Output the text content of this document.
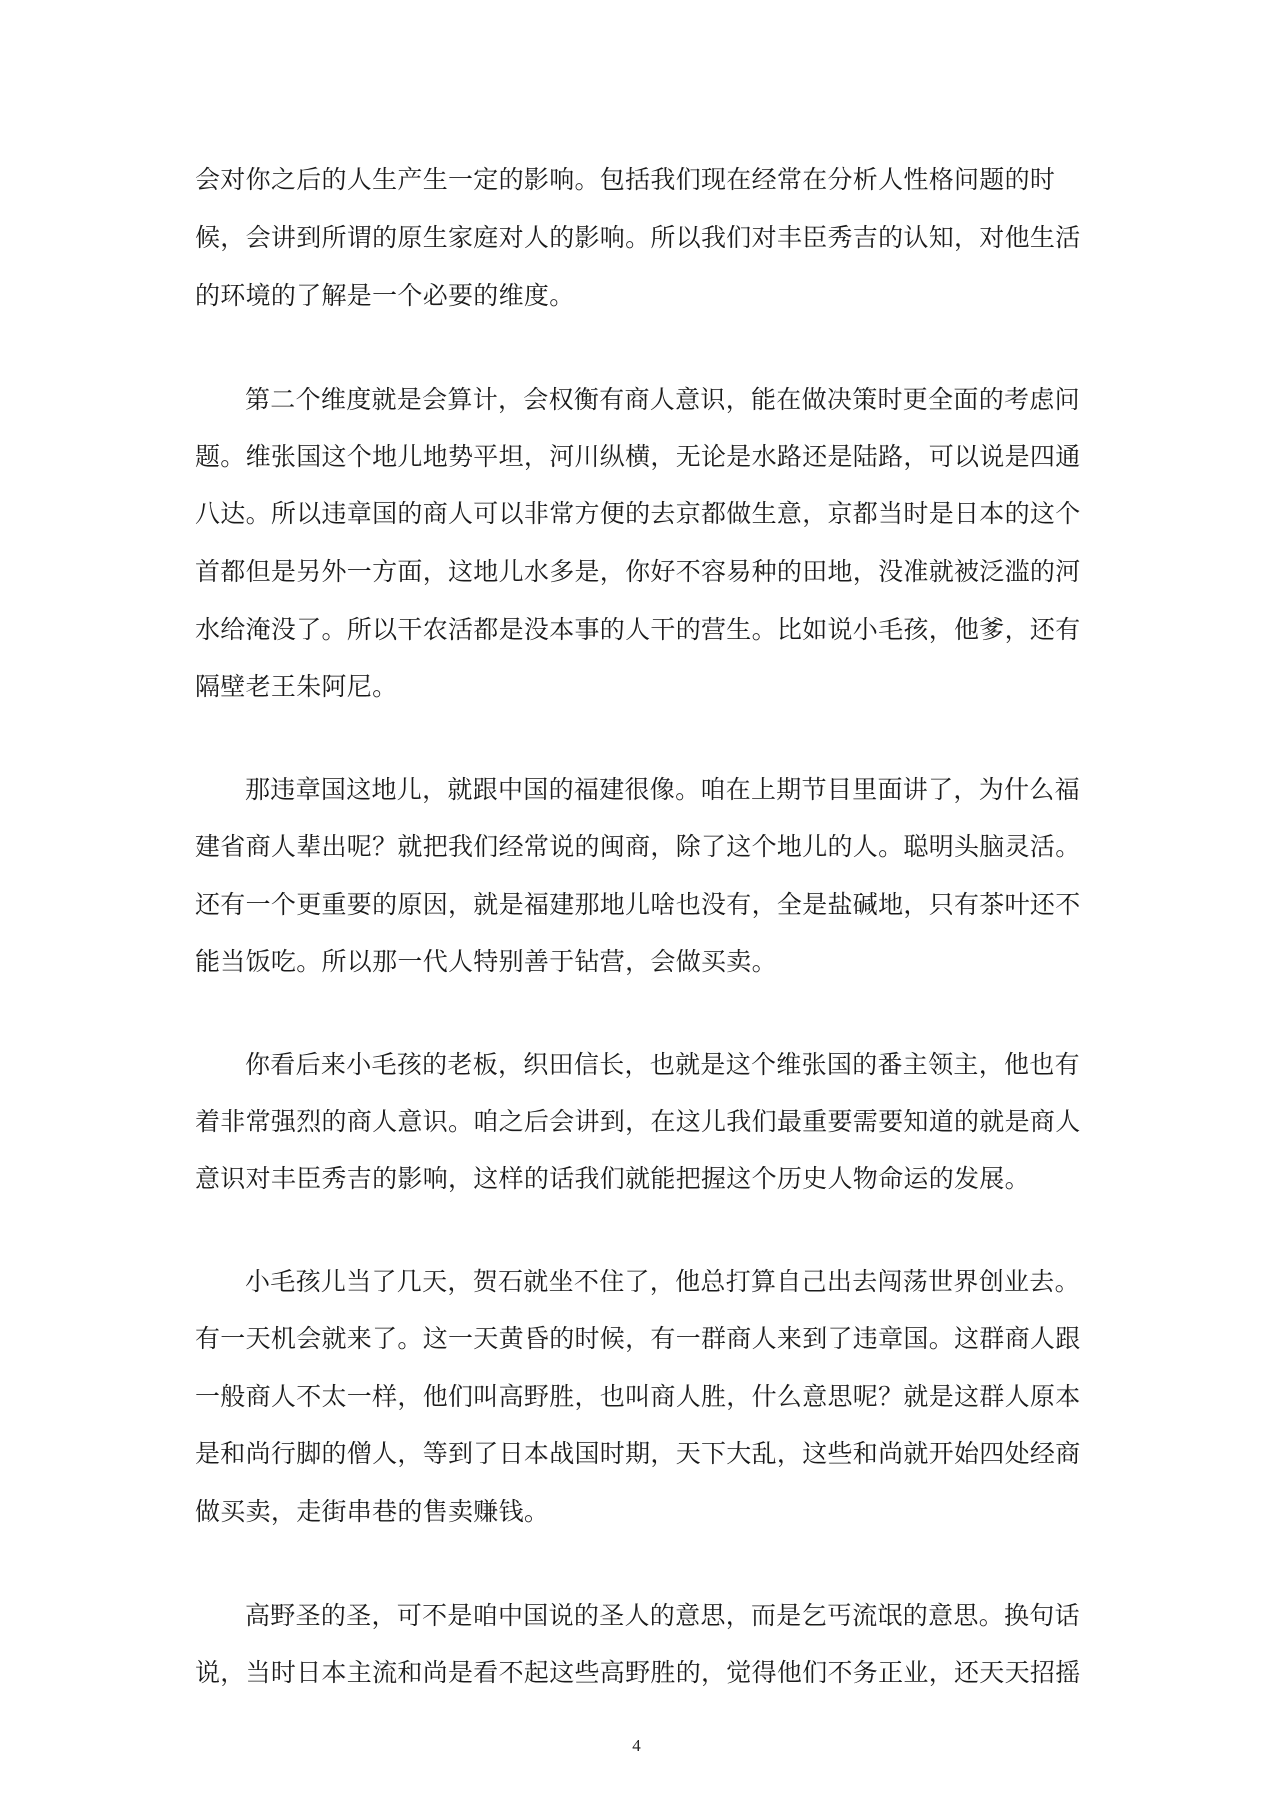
会对你之后的人生产生一定的影响。包括我们现在经常在分析人性格问题的时

候，会讲到所谓的原生家庭对人的影响。所以我们对丰臣秀吉的认知，对他生活

的环境的了解是一个必要的维度。

第二个维度就是会算计，会权衡有商人意识，能在做决策时更全面的考虑问

题。维张国这个地儿地势平坦，河川纵横，无论是水路还是陆路，可以说是四通

八达。所以违章国的商人可以非常方便的去京都做生意，京都当时是日本的这个

首都但是另外一方面，这地儿水多是，你好不容易种的田地，没准就被泛滥的河

水给淹没了。所以干农活都是没本事的人干的营生。比如说小毛孩，他爹，还有

隔壁老王朱阿尼。

那违章国这地儿，就跟中国的福建很像。咱在上期节目里面讲了，为什么福

建省商人辈出呢？就把我们经常说的闽商，除了这个地儿的人。聪明头脑灵活。

还有一个更重要的原因，就是福建那地儿啥也没有，全是盐碱地，只有茶叶还不

能当饭吃。所以那一代人特别善于钻营，会做买卖。

你看后来小毛孩的老板，织田信长，也就是这个维张国的番主领主，他也有

着非常强烈的商人意识。咱之后会讲到，在这儿我们最重要需要知道的就是商人

意识对丰臣秀吉的影响，这样的话我们就能把握这个历史人物命运的发展。

小毛孩儿当了几天，贺石就坐不住了，他总打算自己出去闯荡世界创业去。

有一天机会就来了。这一天黄昏的时候，有一群商人来到了违章国。这群商人跟

一般商人不太一样，他们叫高野胜，也叫商人胜，什么意思呢？就是这群人原本

是和尚行脚的僧人，等到了日本战国时期，天下大乱，这些和尚就开始四处经商

做买卖，走街串巷的售卖赚钱。

高野圣的圣，可不是咱中国说的圣人的意思，而是乞丐流氓的意思。换句话

说，当时日本主流和尚是看不起这些高野胜的，觉得他们不务正业，还天天招摇

4
